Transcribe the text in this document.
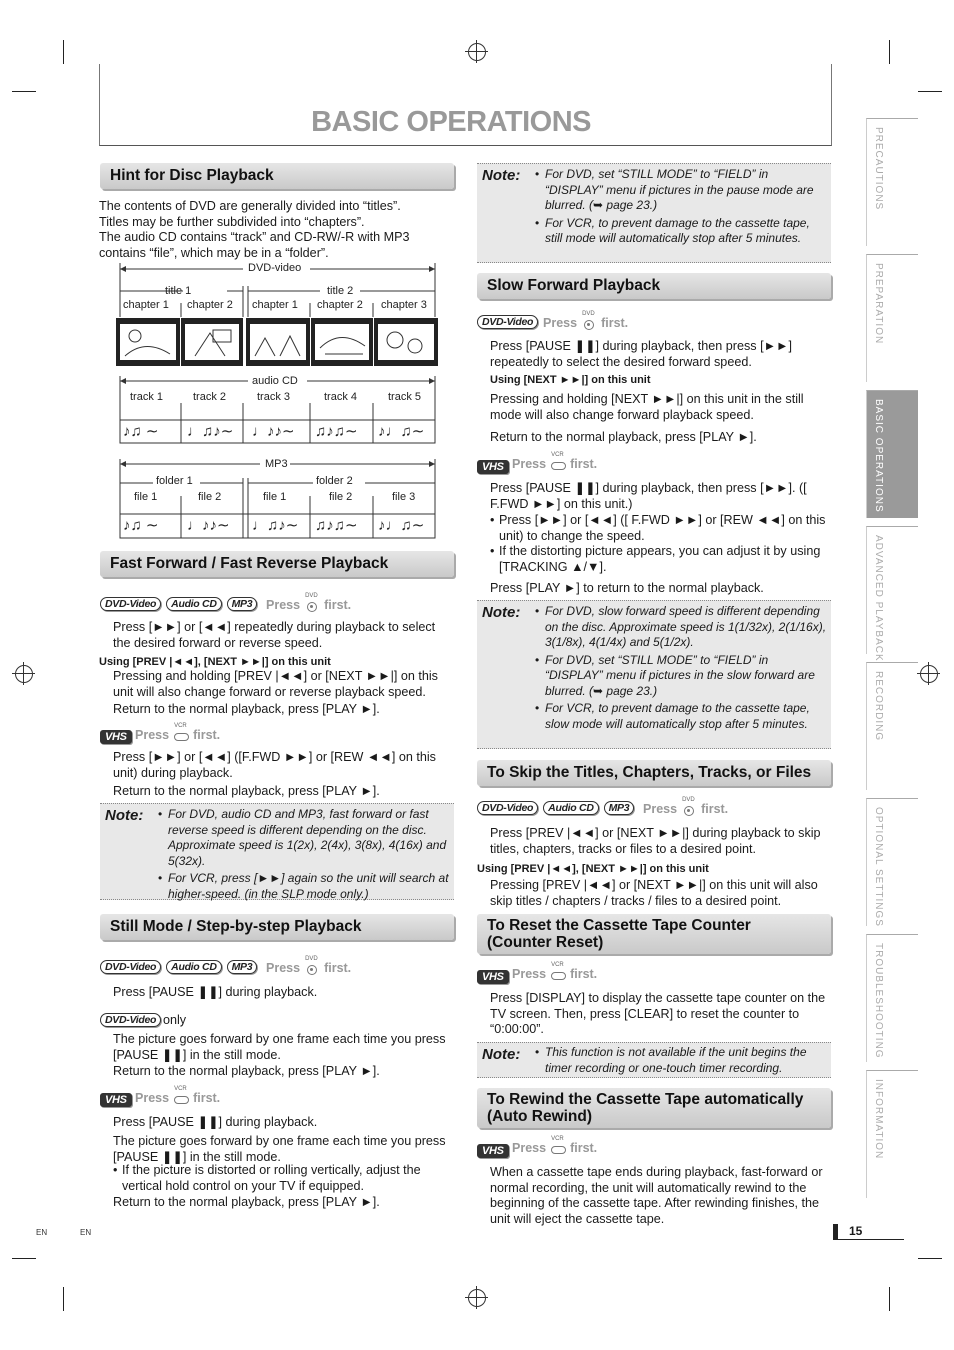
BASIC OPERATIONS
PRECAUTIONS
PREPARATION
BASIC OPERATIONS
ADVANCED PLAYBACK
RECORDING
OPTIONAL SETTINGS
TROUBLESHOOTING
INFORMATION
Hint for Disc Playback
The contents of DVD are generally divided into “titles”.
Titles may be further subdivided into “chapters”.
The audio CD contains “track” and CD-RW/-R with MP3
contains “file”, which may be in a “folder”.
DVD-video
title 1	title 2
chapter 1 chapter 2 chapter 1 chapter 2 chapter 3
audio CD
track 1	track 2	track 3	track 4	track 5
♪♫ ∼ ♩♫♪∼ ♩♪♪∼ ♫♪♫∼ ♪♩♫∼
MP3
folder 1	folder 2
file 1	file 2	file 1	file 2	file 3
♪♫ ∼ ♩♪♪∼ ♩♫♪∼ ♫♪♫∼ ♪♩♫∼
Fast Forward / Fast Reverse Playback
DVD-Video Audio CD MP3	Press
DVD
first.
Press [►►] or [◄◄] repeatedly during playback to select the desired forward or reverse speed.
Using [PREV |◄◄], [NEXT ►►|] on this unit
Pressing and holding [PREV |◄◄] or [NEXT ►►|] on this unit will also change forward or reverse playback speed.
Return to the normal playback, press [PLAY ►].
VHS Press
VCR
first.
Press [►►] or [◄◄] ([F.FWD ►►] or [REW ◄◄] on this unit) during playback.
Return to the normal playback, press [PLAY ►].
Note:	• For DVD, audio CD and MP3, fast forward or fast reverse speed is different depending on the disc. Approximate speed is 1(2x), 2(4x), 3(8x), 4(16x) and 5(32x).
• For VCR, press [►►] again so the unit will search at higher-speed. (in the SLP mode only.)
Still Mode / Step-by-step Playback
DVD-Video Audio CD MP3	Press
DVD
first.
Press [PAUSE ❚❚] during playback.
DVD-Video only
The picture goes forward by one frame each time you press [PAUSE ❚❚] in the still mode.
Return to the normal playback, press [PLAY ►].
VHS Press
VCR
first.
Press [PAUSE ❚❚] during playback.
The picture goes forward by one frame each time you press [PAUSE ❚❚] in the still mode.
• If the picture is distorted or rolling vertically, adjust the vertical hold control on your TV if equipped.
Return to the normal playback, press [PLAY ►].
Note:	• For DVD, set “STILL MODE” to “FIELD” in “DISPLAY” menu if pictures in the pause mode are blurred. (➥ page 23.)
• For VCR, to prevent damage to the cassette tape, still mode will automatically stop after 5 minutes.
Slow Forward Playback
DVD-Video Press
DVD
first.
Press [PAUSE ❚❚] during playback, then press [►►] repeatedly to select the desired forward speed.
Using [NEXT ►►|] on this unit
Pressing and holding [NEXT ►►|] on this unit in the still mode will also change forward playback speed.
Return to the normal playback, press [PLAY ►].
VHS Press
VCR
first.
Press [PAUSE ❚❚] during playback, then press [►►]. ([ F.FWD ►►] on this unit.)
• Press [►►] or [◄◄] ([ F.FWD ►►] or [REW ◄◄] on this unit) to change the speed.
• If the distorting picture appears, you can adjust it by using [TRACKING ▲/▼].
Press [PLAY ►] to return to the normal playback.
Note:	• For DVD, slow forward speed is different depending on the disc. Approximate speed is 1(1/32x), 2(1/16x), 3(1/8x), 4(1/4x) and 5(1/2x).
• For DVD, set “STILL MODE” to “FIELD” in “DISPLAY” menu if pictures in the slow forward are blurred. (➥ page 23.)
• For VCR, to prevent damage to the cassette tape, slow mode will automatically stop after 5 minutes.
To Skip the Titles, Chapters, Tracks, or Files
DVD-Video Audio CD MP3	Press
DVD
first.
Press [PREV |◄◄] or [NEXT ►►|] during playback to skip titles, chapters, tracks or files to a desired point.
Using [PREV |◄◄], [NEXT ►►|] on this unit
Pressing [PREV |◄◄] or [NEXT ►►|] on this unit will also skip titles / chapters / tracks / files to a desired point.
To Reset the Cassette Tape Counter
(Counter Reset)
VHS Press
VCR
first.
Press [DISPLAY] to display the cassette tape counter on the TV screen. Then, press [CLEAR] to reset the counter to “0:00:00”.
Note:	• This function is not available if the unit begins the timer recording or one-touch timer recording.
To Rewind the Cassette Tape automatically
(Auto Rewind)
VHS Press
VCR
first.
When a cassette tape ends during playback, fast-forward or normal recording, the unit will automatically rewind to the beginning of the cassette tape. After rewinding finishes, the unit will eject the cassette tape.
15
EN	EN
